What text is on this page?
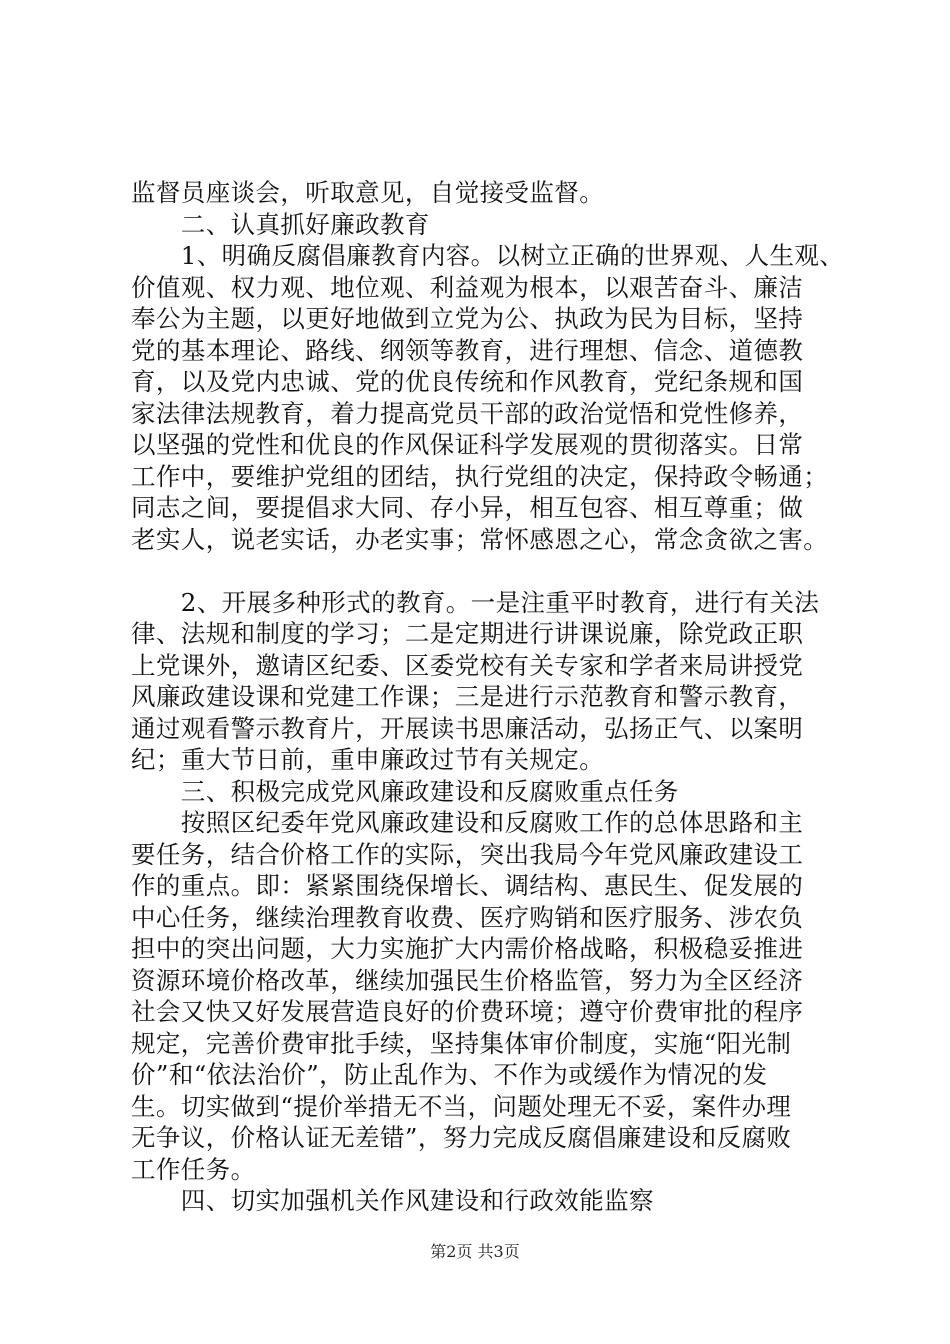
监督员座谈会，听取意见，自觉接受监督。
　　二、认真抓好廉政教育
　　1、明确反腐倡廉教育内容。以树立正确的世界观、人生观、
价值观、权力观、地位观、利益观为根本，以艰苦奋斗、廉洁
奉公为主题，以更好地做到立党为公、执政为民为目标，坚持
党的基本理论、路线、纲领等教育，进行理想、信念、道德教
育，以及党内忠诚、党的优良传统和作风教育，党纪条规和国
家法律法规教育，着力提高党员干部的政治觉悟和党性修养，
以坚强的党性和优良的作风保证科学发展观的贯彻落实。日常
工作中，要维护党组的团结，执行党组的决定，保持政令畅通；
同志之间，要提倡求大同、存小异，相互包容、相互尊重；做
老实人，说老实话，办老实事；常怀感恩之心，常念贪欲之害。
　　2、开展多种形式的教育。一是注重平时教育，进行有关法
律、法规和制度的学习；二是定期进行讲课说廉，除党政正职
上党课外，邀请区纪委、区委党校有关专家和学者来局讲授党
风廉政建设课和党建工作课；三是进行示范教育和警示教育，
通过观看警示教育片，开展读书思廉活动，弘扬正气、以案明
纪；重大节日前，重申廉政过节有关规定。
　　三、积极完成党风廉政建设和反腐败重点任务
　　按照区纪委年党风廉政建设和反腐败工作的总体思路和主
要任务，结合价格工作的实际，突出我局今年党风廉政建设工
作的重点。即：紧紧围绕保增长、调结构、惠民生、促发展的
中心任务，继续治理教育收费、医疗购销和医疗服务、涉农负
担中的突出问题，大力实施扩大内需价格战略，积极稳妥推进
资源环境价格改革，继续加强民生价格监管，努力为全区经济
社会又快又好发展营造良好的价费环境；遵守价费审批的程序
规定，完善价费审批手续，坚持集体审价制度，实施“阳光制
价”和“依法治价”，防止乱作为、不作为或缓作为情况的发
生。切实做到“提价举措无不当，问题处理无不妥，案件办理
无争议，价格认证无差错”，努力完成反腐倡廉建设和反腐败
工作任务。
　　四、切实加强机关作风建设和行政效能监察
第2页 共3页
